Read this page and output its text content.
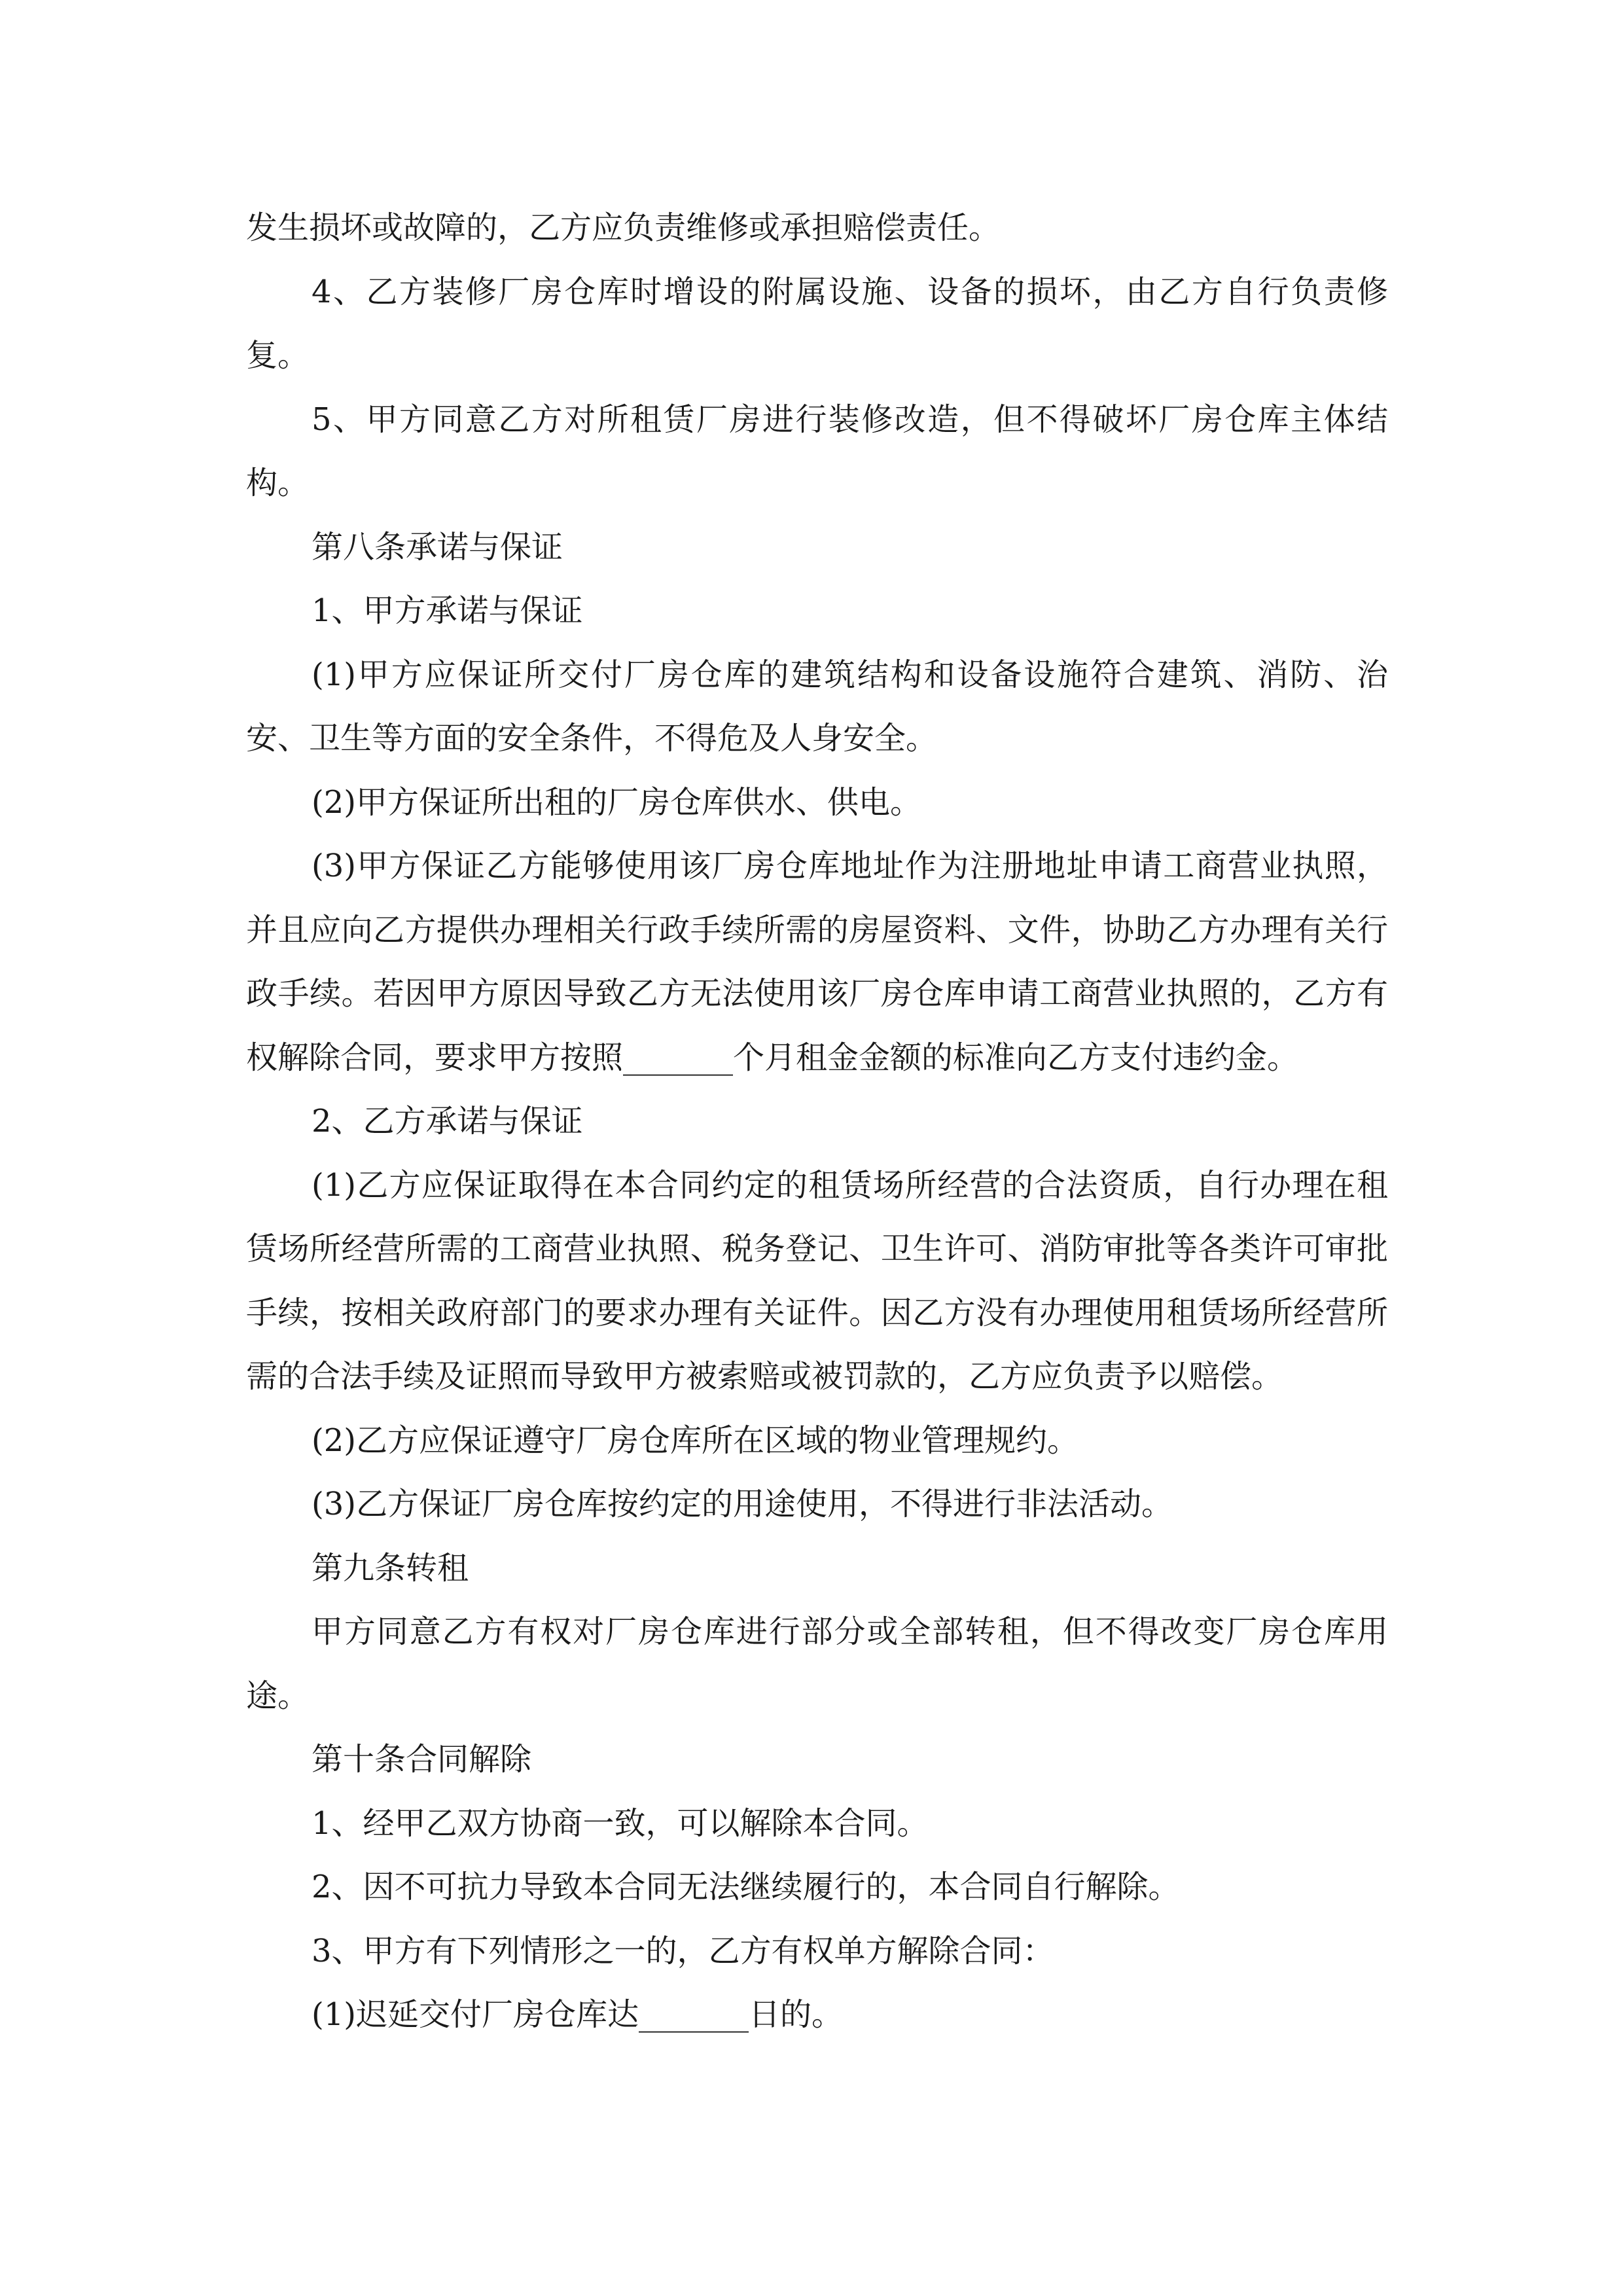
发生损坏或故障的，乙方应负责维修或承担赔偿责任。

4、乙方装修厂房仓库时增设的附属设施、设备的损坏，由乙方自行负责修复。

5、甲方同意乙方对所租赁厂房进行装修改造，但不得破坏厂房仓库主体结构。

第八条承诺与保证

1、甲方承诺与保证

(1)甲方应保证所交付厂房仓库的建筑结构和设备设施符合建筑、消防、治安、卫生等方面的安全条件，不得危及人身安全。

(2)甲方保证所出租的厂房仓库供水、供电。

(3)甲方保证乙方能够使用该厂房仓库地址作为注册地址申请工商营业执照，并且应向乙方提供办理相关行政手续所需的房屋资料、文件，协助乙方办理有关行政手续。若因甲方原因导致乙方无法使用该厂房仓库申请工商营业执照的，乙方有权解除合同，要求甲方按照_______个月租金金额的标准向乙方支付违约金。

2、乙方承诺与保证

(1)乙方应保证取得在本合同约定的租赁场所经营的合法资质，自行办理在租赁场所经营所需的工商营业执照、税务登记、卫生许可、消防审批等各类许可审批手续，按相关政府部门的要求办理有关证件。因乙方没有办理使用租赁场所经营所需的合法手续及证照而导致甲方被索赔或被罚款的，乙方应负责予以赔偿。

(2)乙方应保证遵守厂房仓库所在区域的物业管理规约。

(3)乙方保证厂房仓库按约定的用途使用，不得进行非法活动。

第九条转租

甲方同意乙方有权对厂房仓库进行部分或全部转租，但不得改变厂房仓库用途。

第十条合同解除

1、经甲乙双方协商一致，可以解除本合同。

2、因不可抗力导致本合同无法继续履行的，本合同自行解除。

3、甲方有下列情形之一的，乙方有权单方解除合同：

(1)迟延交付厂房仓库达_______日的。
